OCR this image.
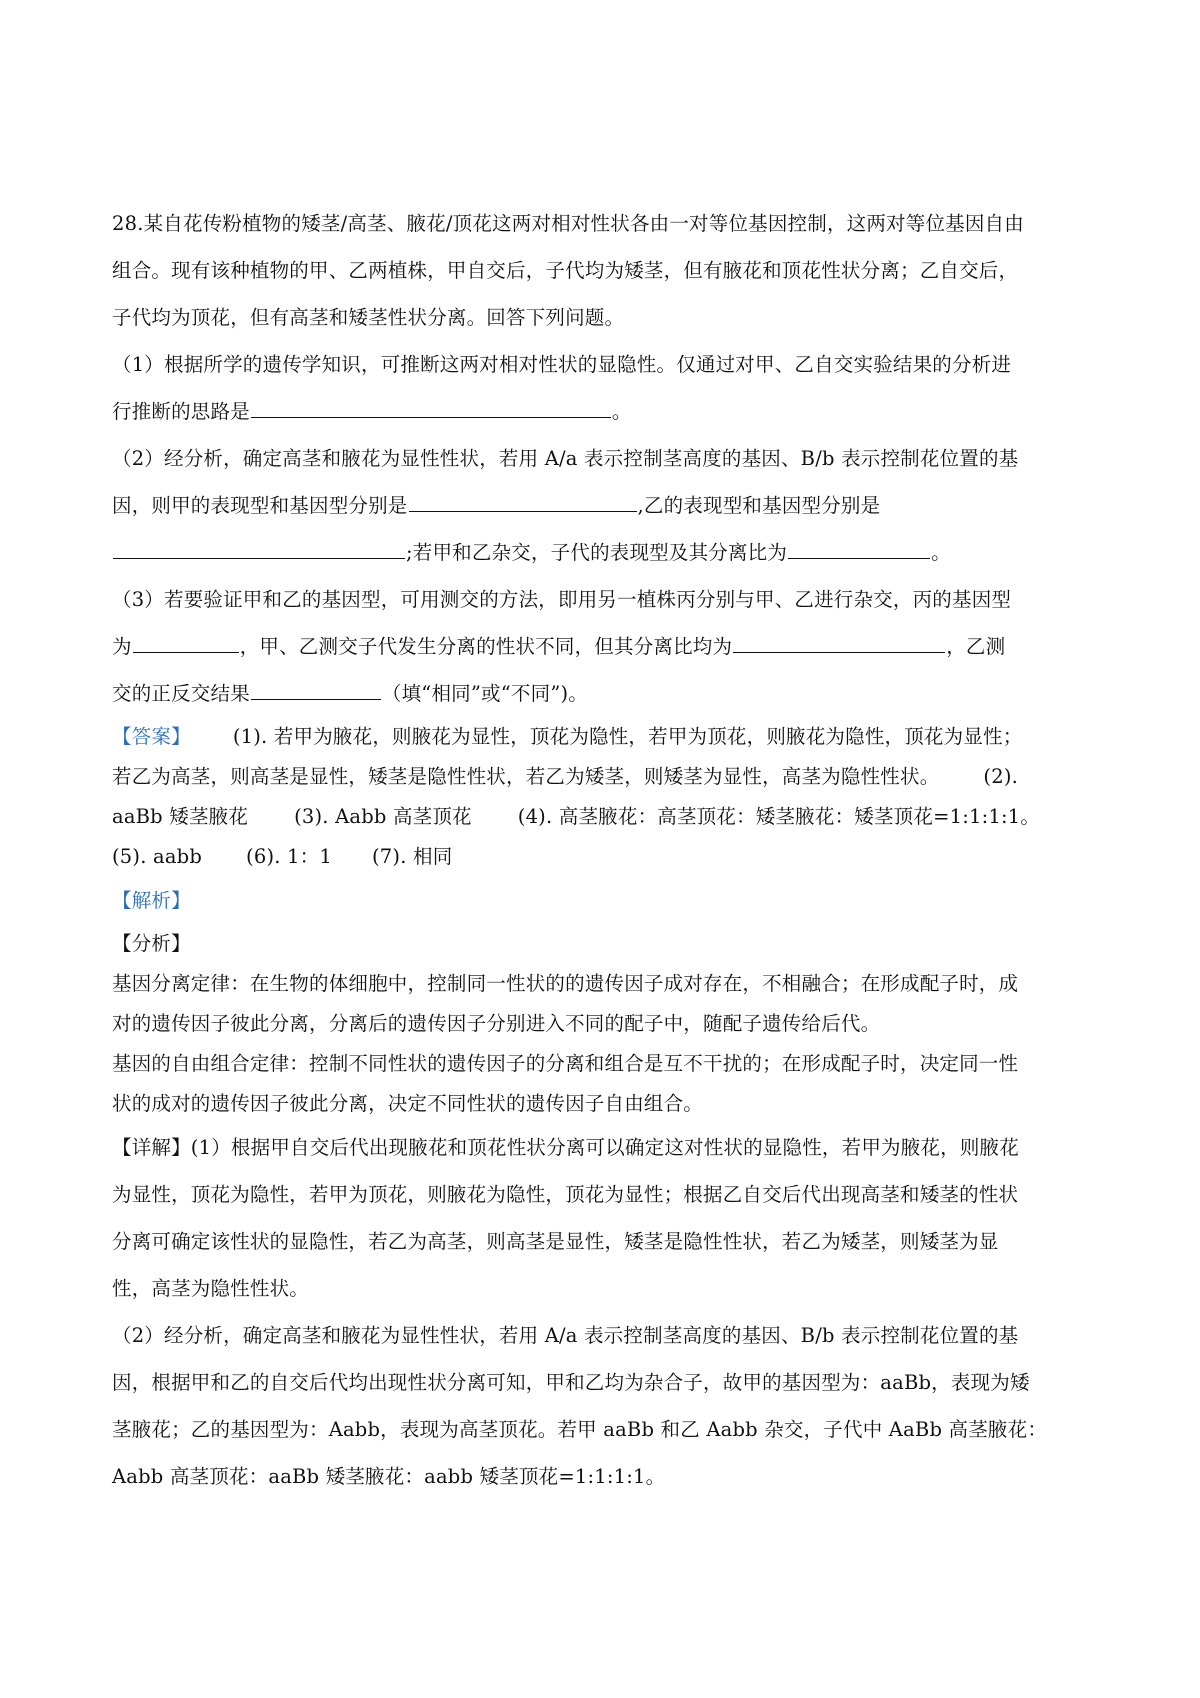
28.某自花传粉植物的矮茎/高茎、腋花/顶花这两对相对性状各由一对等位基因控制，这两对等位基因自由

组合。现有该种植物的甲、乙两植株，甲自交后，子代均为矮茎，但有腋花和顶花性状分离；乙自交后，

子代均为顶花，但有高茎和矮茎性状分离。回答下列问题。

（1）根据所学的遗传学知识，可推断这两对相对性状的显隐性。仅通过对甲、乙自交实验结果的分析进

行推断的思路是	。

（2）经分析，确定高茎和腋花为显性性状，若用 A/a 表示控制茎高度的基因、B/b 表示控制花位置的基

因，则甲的表现型和基因型分别是	,乙的表现型和基因型分别是

;若甲和乙杂交，子代的表现型及其分离比为	。

（3）若要验证甲和乙的基因型，可用测交的方法，即用另一植株丙分别与甲、乙进行杂交，丙的基因型

为	，甲、乙测交子代发生分离的性状不同，但其分离比均为	，乙测

交的正反交结果	（填“相同”或“不同”)。

【答案】 (1). 若甲为腋花，则腋花为显性，顶花为隐性，若甲为顶花，则腋花为隐性，顶花为显性；

若乙为高茎，则高茎是显性，矮茎是隐性性状，若乙为矮茎，则矮茎为显性，高茎为隐性性状。 (2).

aaBb 矮茎腋花 (3). Aabb 高茎顶花 (4). 高茎腋花：高茎顶花：矮茎腋花：矮茎顶花=1:1:1:1。

(5). aabb (6). 1：1 (7). 相同

【解析】

【分析】

基因分离定律：在生物的体细胞中，控制同一性状的的遗传因子成对存在，不相融合；在形成配子时，成

对的遗传因子彼此分离，分离后的遗传因子分别进入不同的配子中，随配子遗传给后代。

基因的自由组合定律：控制不同性状的遗传因子的分离和组合是互不干扰的；在形成配子时，决定同一性

状的成对的遗传因子彼此分离，决定不同性状的遗传因子自由组合。

【详解】(1）根据甲自交后代出现腋花和顶花性状分离可以确定这对性状的显隐性，若甲为腋花，则腋花

为显性，顶花为隐性，若甲为顶花，则腋花为隐性，顶花为显性；根据乙自交后代出现高茎和矮茎的性状

分离可确定该性状的显隐性，若乙为高茎，则高茎是显性，矮茎是隐性性状，若乙为矮茎，则矮茎为显

性，高茎为隐性性状。

（2）经分析，确定高茎和腋花为显性性状，若用 A/a 表示控制茎高度的基因、B/b 表示控制花位置的基

因，根据甲和乙的自交后代均出现性状分离可知，甲和乙均为杂合子，故甲的基因型为：aaBb，表现为矮

茎腋花；乙的基因型为：Aabb，表现为高茎顶花。若甲 aaBb 和乙 Aabb 杂交，子代中 AaBb 高茎腋花：

Aabb 高茎顶花：aaBb 矮茎腋花：aabb 矮茎顶花=1:1:1:1。
